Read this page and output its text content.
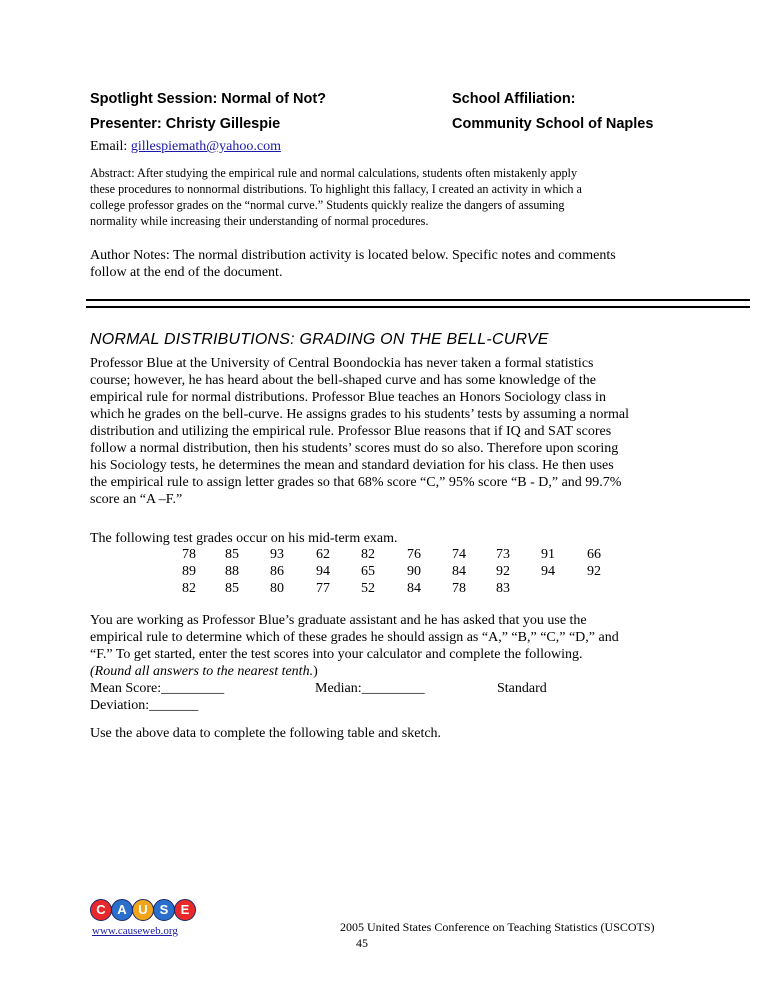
Spotlight Session: Normal of Not?	School Affiliation:
Presenter: Christy Gillespie	Community School of Naples
Email: gillespiemath@yahoo.com
Abstract: After studying the empirical rule and normal calculations, students often mistakenly apply
these procedures to nonnormal distributions. To highlight this fallacy, I created an activity in which a
college professor grades on the “normal curve.” Students quickly realize the dangers of assuming
normality while increasing their understanding of normal procedures.
Author Notes: The normal distribution activity is located below. Specific notes and comments
follow at the end of the document.
NORMAL DISTRIBUTIONS: GRADING ON THE BELL-CURVE
Professor Blue at the University of Central Boondockia has never taken a formal statistics
course; however, he has heard about the bell-shaped curve and has some knowledge of the
empirical rule for normal distributions. Professor Blue teaches an Honors Sociology class in
which he grades on the bell-curve. He assigns grades to his students’ tests by assuming a normal
distribution and utilizing the empirical rule. Professor Blue reasons that if IQ and SAT scores
follow a normal distribution, then his students’ scores must do so also. Therefore upon scoring
his Sociology tests, he determines the mean and standard deviation for his class. He then uses
the empirical rule to assign letter grades so that 68% score “C,” 95% score “B - D,” and 99.7%
score an “A –F.”
The following test grades occur on his mid-term exam.
78 85 93 62 82 76 74 73 91 66
89 88 86 94 65 90 84 92 94 92
82 85 80 77 52 84 78 83
You are working as Professor Blue’s graduate assistant and he has asked that you use the
empirical rule to determine which of these grades he should assign as “A,” “B,” “C,” “D,” and
“F.” To get started, enter the test scores into your calculator and complete the following.
(Round all answers to the nearest tenth.)
Mean Score:_________	Median:_________	Standard
Deviation:_______
Use the above data to complete the following table and sketch.
C A U S E
www.causeweb.org	2005 United States Conference on Teaching Statistics (USCOTS)
45
